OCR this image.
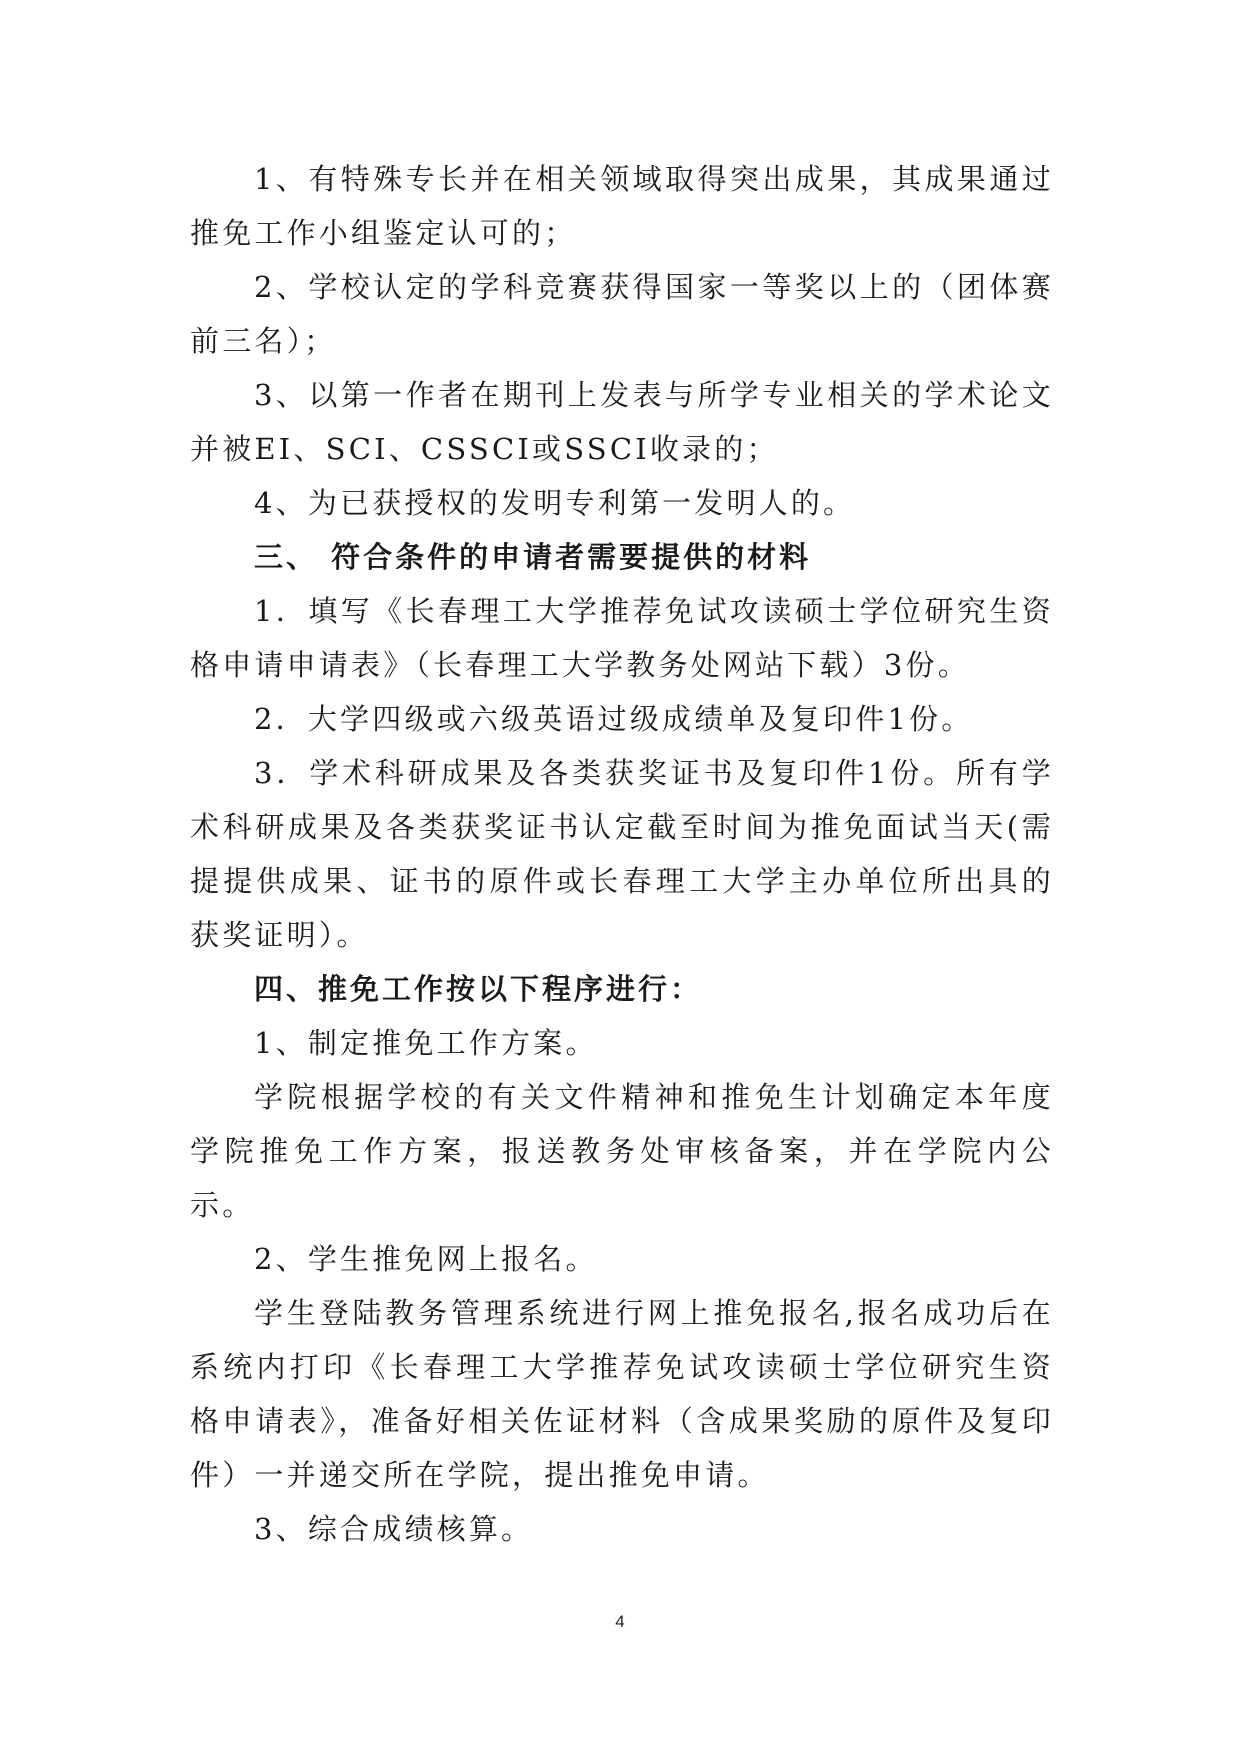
1、有特殊专长并在相关领域取得突出成果，其成果通过推免工作小组鉴定认可的；

2、学校认定的学科竞赛获得国家一等奖以上的（团体赛前三名）；

3、以第一作者在期刊上发表与所学专业相关的学术论文并被EI、SCI、CSSCI或SSCI收录的；

4、为已获授权的发明专利第一发明人的。

三、 符合条件的申请者需要提供的材料

1．填写《长春理工大学推荐免试攻读硕士学位研究生资格申请申请表》（长春理工大学教务处网站下载）3份。

2．大学四级或六级英语过级成绩单及复印件1份。

3．学术科研成果及各类获奖证书及复印件1份。所有学术科研成果及各类获奖证书认定截至时间为推免面试当天(需提提供成果、证书的原件或长春理工大学主办单位所出具的获奖证明）。

四、推免工作按以下程序进行：

1、制定推免工作方案。

学院根据学校的有关文件精神和推免生计划确定本年度学院推免工作方案，报送教务处审核备案，并在学院内公示。

2、学生推免网上报名。

学生登陆教务管理系统进行网上推免报名,报名成功后在系统内打印《长春理工大学推荐免试攻读硕士学位研究生资格申请表》，准备好相关佐证材料（含成果奖励的原件及复印件）一并递交所在学院，提出推免申请。

3、综合成绩核算。

4
